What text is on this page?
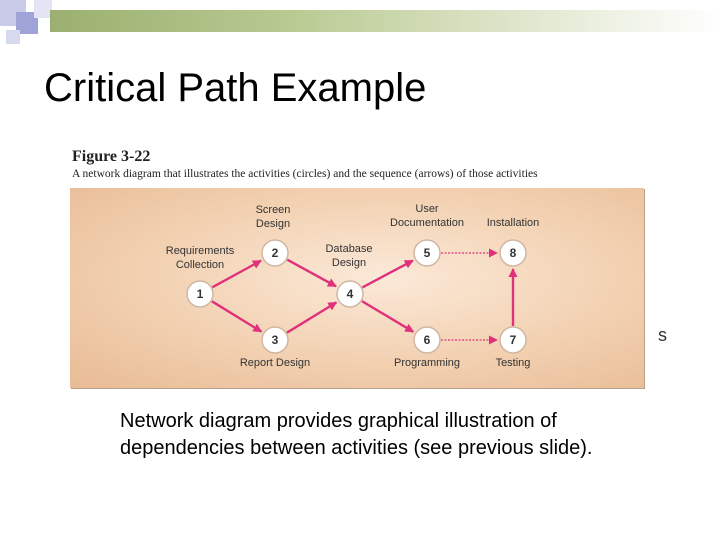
Critical Path Example
Figure 3-22
A network diagram that illustrates the activities (circles) and the sequence (arrows) of those activities
1
Requirements
Collection
2
Screen
Design
3
Report Design
4
Database
Design
5
User
Documentation
6
Programming
7
Testing
8
Installation
s
Network diagram provides graphical illustration of dependencies between activities (see previous slide).
